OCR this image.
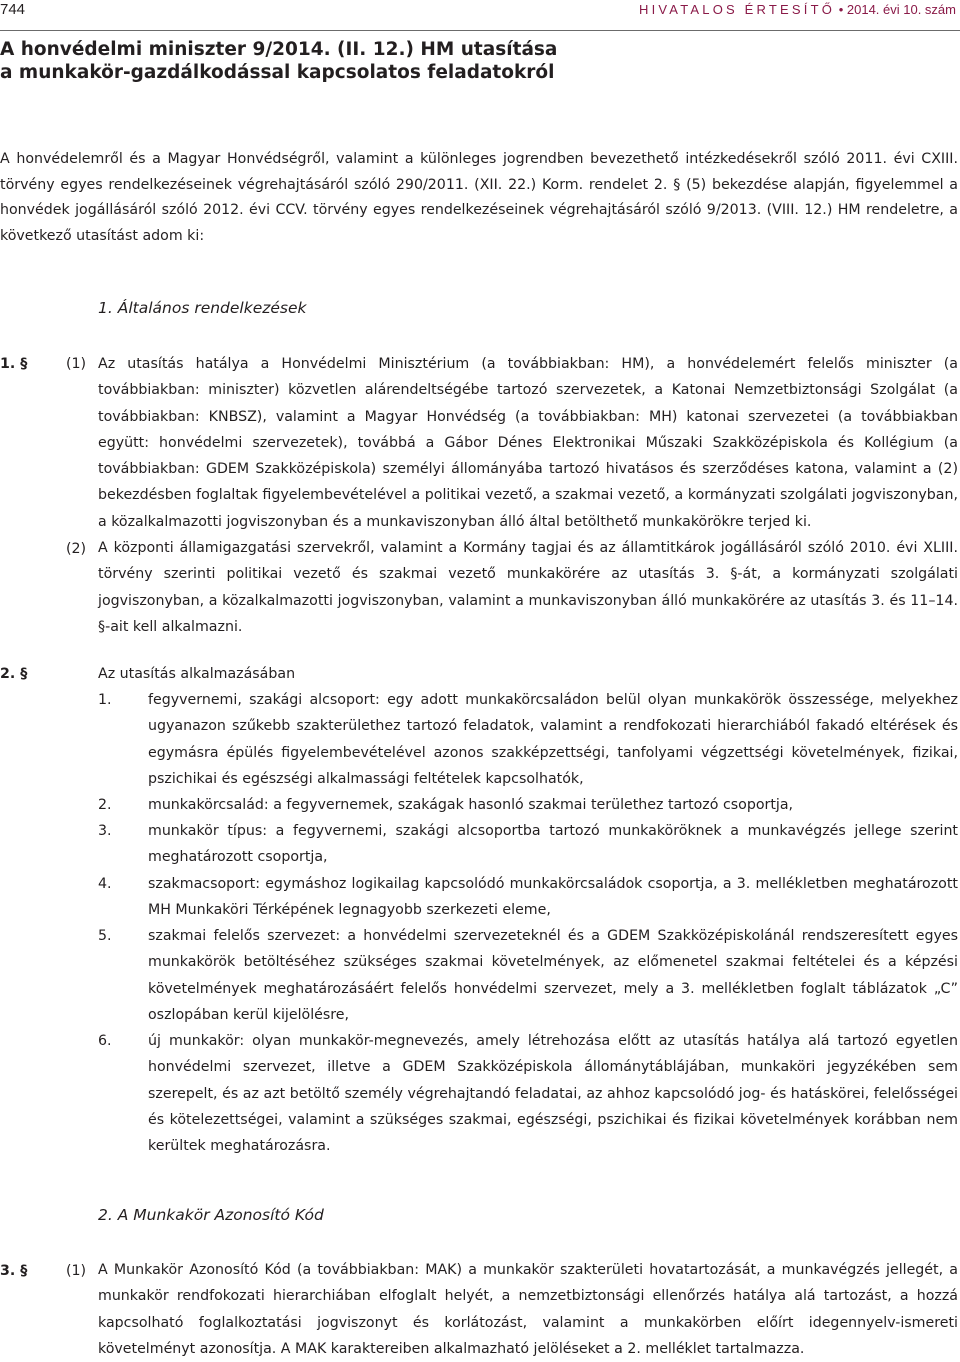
744	HIVATALOS ÉRTESÍTŐ • 2014. évi 10. szám
A honvédelmi miniszter 9/2014. (II. 12.) HM utasítása
a munkakör-gazdálkodással kapcsolatos feladatokról
A honvédelemről és a Magyar Honvédségről, valamint a különleges jogrendben bevezethető intézkedésekről szóló 2011. évi CXIII. törvény egyes rendelkezéseinek végrehajtásáról szóló 290/2011. (XII. 22.) Korm. rendelet 2. § (5) bekezdése alapján, figyelemmel a honvédek jogállásáról szóló 2012. évi CCV. törvény egyes rendelkezéseinek végrehajtásáról szóló 9/2013. (VIII. 12.) HM rendeletre, a következő utasítást adom ki:
1. Általános rendelkezések
1. §	(1) Az utasítás hatálya a Honvédelmi Minisztérium (a továbbiakban: HM), a honvédelemért felelős miniszter (a továbbiakban: miniszter) közvetlen alárendeltségébe tartozó szervezetek, a Katonai Nemzetbiztonsági Szolgálat (a továbbiakban: KNBSZ), valamint a Magyar Honvédség (a továbbiakban: MH) katonai szervezetei (a továbbiakban együtt: honvédelmi szervezetek), továbbá a Gábor Dénes Elektronikai Műszaki Szakközépiskola és Kollégium (a továbbiakban: GDEM Szakközépiskola) személyi állományába tartozó hivatásos és szerződéses katona, valamint a (2) bekezdésben foglaltak figyelembevételével a politikai vezető, a szakmai vezető, a kormányzati szolgálati jogviszonyban, a közalkalmazotti jogviszonyban és a munkaviszonyban álló által betölthető munkakörökre terjed ki.
(2) A központi államigazgatási szervekről, valamint a Kormány tagjai és az államtitkárok jogállásáról szóló 2010. évi XLIII. törvény szerinti politikai vezető és szakmai vezető munkakörére az utasítás 3. §-át, a kormányzati szolgálati jogviszonyban, a közalkalmazotti jogviszonyban, valamint a munkaviszonyban álló munkakörére az utasítás 3. és 11–14. §-ait kell alkalmazni.
2. §	Az utasítás alkalmazásában
1.	fegyvernemi, szakági alcsoport: egy adott munkakörcsaládon belül olyan munkakörök összessége, melyekhez ugyanazon szűkebb szakterülethez tartozó feladatok, valamint a rendfokozati hierarchiából fakadó eltérések és egymásra épülés figyelembevételével azonos szakképzettségi, tanfolyami végzettségi követelmények, fizikai, pszichikai és egészségi alkalmassági feltételek kapcsolhatók,
2.	munkakörcsalád: a fegyvernemek, szakágak hasonló szakmai területhez tartozó csoportja,
3.	munkakör típus: a fegyvernemi, szakági alcsoportba tartozó munkaköröknek a munkavégzés jellege szerint meghatározott csoportja,
4.	szakmacsoport: egymáshoz logikailag kapcsolódó munkakörcsaládok csoportja, a 3. mellékletben meghatározott MH Munkaköri Térképének legnagyobb szerkezeti eleme,
5.	szakmai felelős szervezet: a honvédelmi szervezeteknél és a GDEM Szakközépiskolánál rendszeresített egyes munkakörök betöltéséhez szükséges szakmai követelmények, az előmenetel szakmai feltételei és a képzési követelmények meghatározásáért felelős honvédelmi szervezet, mely a 3. mellékletben foglalt táblázatok „C” oszlopában kerül kijelölésre,
6.	új munkakör: olyan munkakör-megnevezés, amely létrehozása előtt az utasítás hatálya alá tartozó egyetlen honvédelmi szervezet, illetve a GDEM Szakközépiskola állománytáblájában, munkaköri jegyzékében sem szerepelt, és az azt betöltő személy végrehajtandó feladatai, az ahhoz kapcsolódó jog- és hatáskörei, felelősségei és kötelezettségei, valamint a szükséges szakmai, egészségi, pszichikai és fizikai követelmények korábban nem kerültek meghatározásra.
2. A Munkakör Azonosító Kód
3. §	(1) A Munkakör Azonosító Kód (a továbbiakban: MAK) a munkakör szakterületi hovatartozását, a munkavégzés jellegét, a munkakör rendfokozati hierarchiában elfoglalt helyét, a nemzetbiztonsági ellenőrzés hatálya alá tartozást, a hozzá kapcsolható foglalkoztatási jogviszonyt és korlátozást, valamint a munkakörben előírt idegennyelv-ismereti követelményt azonosítja. A MAK karaktereiben alkalmazható jelöléseket a 2. melléklet tartalmazza.
